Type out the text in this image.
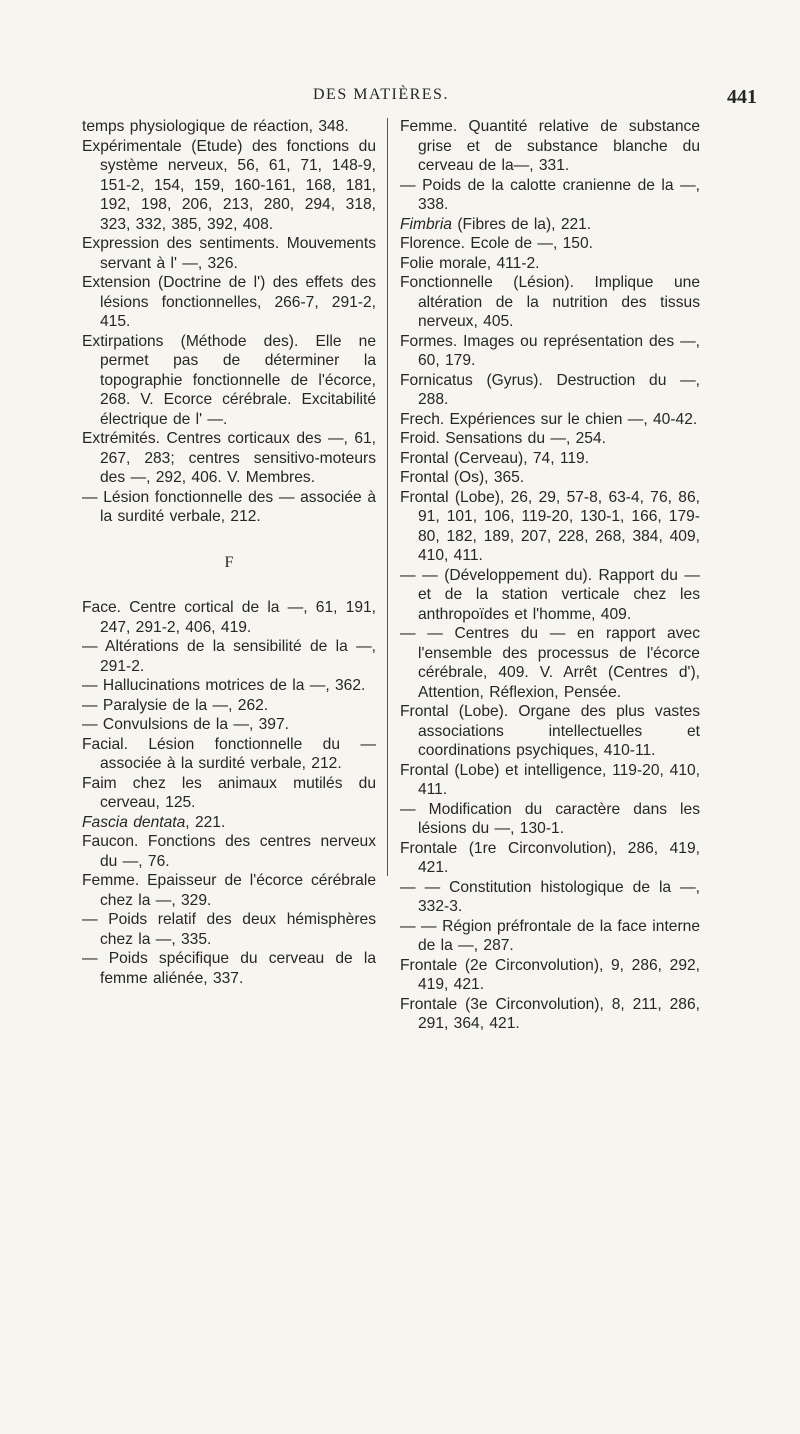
DES MATIÈRES.	441
temps physiologique de réaction, 348.
Expérimentale (Etude) des fonctions du système nerveux, 56, 61, 71, 148-9, 151-2, 154, 159, 160-161, 168, 181, 192, 198, 206, 213, 280, 294, 318, 323, 332, 385, 392, 408.
Expression des sentiments. Mouvements servant à l' —, 326.
Extension (Doctrine de l') des effets des lésions fonctionnelles, 266-7, 291-2, 415.
Extirpations (Méthode des). Elle ne permet pas de déterminer la topographie fonctionnelle de l'écorce, 268. V. Ecorce cérébrale. Excitabilité électrique de l' —.
Extrémités. Centres corticaux des —, 61, 267, 283; centres sensitivo-moteurs des —, 292, 406. V. Membres.
— Lésion fonctionnelle des — associée à la surdité verbale, 212.
F
Face. Centre cortical de la —, 61, 191, 247, 291-2, 406, 419.
— Altérations de la sensibilité de la —, 291-2.
— Hallucinations motrices de la —, 362.
— Paralysie de la —, 262.
— Convulsions de la —, 397.
Facial. Lésion fonctionnelle du — associée à la surdité verbale, 212.
Faim chez les animaux mutilés du cerveau, 125.
Fascia dentata, 221.
Faucon. Fonctions des centres nerveux du —, 76.
Femme. Epaisseur de l'écorce cérébrale chez la —, 329.
— Poids relatif des deux hémisphères chez la —, 335.
— Poids spécifique du cerveau de la femme aliénée, 337.
Femme. Quantité relative de substance grise et de substance blanche du cerveau de la—, 331.
— Poids de la calotte cranienne de la —, 338.
Fimbria (Fibres de la), 221.
Florence. Ecole de —, 150.
Folie morale, 411-2.
Fonctionnelle (Lésion). Implique une altération de la nutrition des tissus nerveux, 405.
Formes. Images ou représentation des —, 60, 179.
Fornicatus (Gyrus). Destruction du —, 288.
Frech. Expériences sur le chien —, 40-42.
Froid. Sensations du —, 254.
Frontal (Cerveau), 74, 119.
Frontal (Os), 365.
Frontal (Lobe), 26, 29, 57-8, 63-4, 76, 86, 91, 101, 106, 119-20, 130-1, 166, 179-80, 182, 189, 207, 228, 268, 384, 409, 410, 411.
— — (Développement du). Rapport du — et de la station verticale chez les anthropoïdes et l'homme, 409.
— — Centres du — en rapport avec l'ensemble des processus de l'écorce cérébrale, 409. V. Arrêt (Centres d'), Attention, Réflexion, Pensée.
Frontal (Lobe). Organe des plus vastes associations intellectuelles et coordinations psychiques, 410-11.
Frontal (Lobe) et intelligence, 119-20, 410, 411.
— Modification du caractère dans les lésions du —, 130-1.
Frontale (1re Circonvolution), 286, 419, 421.
— — Constitution histologique de la —, 332-3.
— — Région préfrontale de la face interne de la —, 287.
Frontale (2e Circonvolution), 9, 286, 292, 419, 421.
Frontale (3e Circonvolution), 8, 211, 286, 291, 364, 421.
